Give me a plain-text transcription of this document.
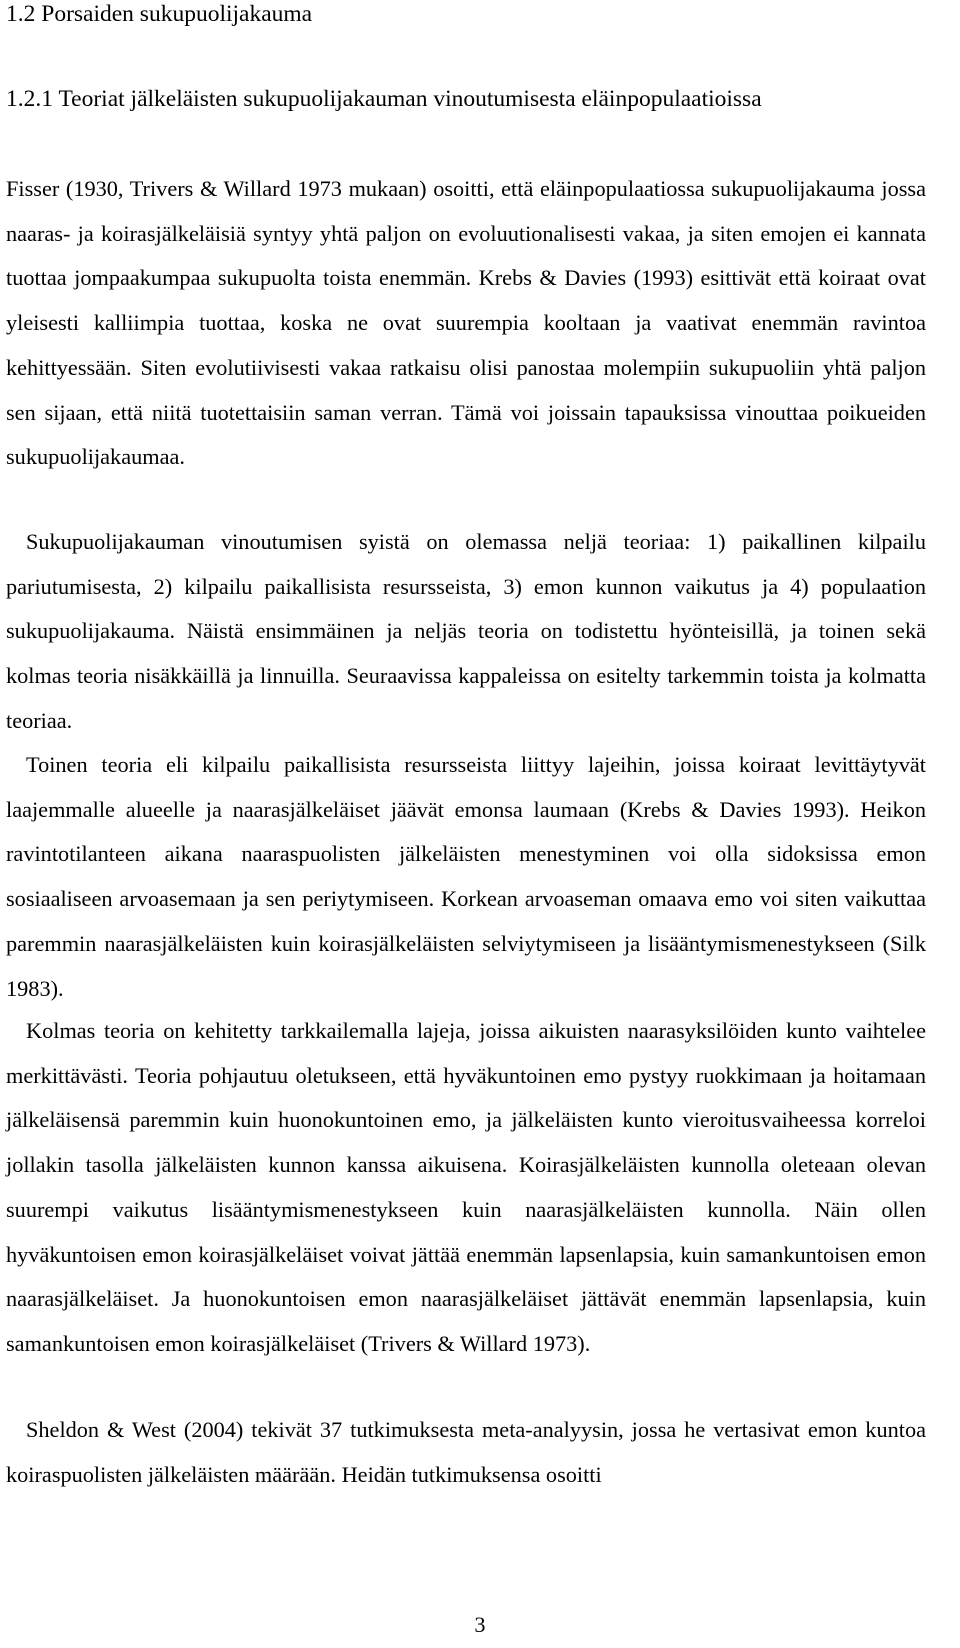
1.2 Porsaiden sukupuolijakauma
1.2.1 Teoriat jälkeläisten sukupuolijakauman vinoutumisesta eläinpopulaatioissa

Fisser (1930, Trivers & Willard 1973 mukaan) osoitti, että eläinpopulaatiossa sukupuolijakauma jossa naaras- ja koirasjälkeläisiä syntyy yhtä paljon on evoluutionalisesti vakaa, ja siten emojen ei kannata tuottaa jompaakumpaa sukupuolta toista enemmän. Krebs & Davies (1993) esittivät että koiraat ovat yleisesti kalliimpia tuottaa, koska ne ovat suurempia kooltaan ja vaativat enemmän ravintoa kehittyessään. Siten evolutiivisesti vakaa ratkaisu olisi panostaa molempiin sukupuoliin yhtä paljon sen sijaan, että niitä tuotettaisiin saman verran. Tämä voi joissain tapauksissa vinouttaa poikueiden sukupuolijakaumaa.

Sukupuolijakauman vinoutumisen syistä on olemassa neljä teoriaa: 1) paikallinen kilpailu pariutumisesta, 2) kilpailu paikallisista resursseista, 3) emon kunnon vaikutus ja 4) populaation sukupuolijakauma. Näistä ensimmäinen ja neljäs teoria on todistettu hyönteisillä, ja toinen sekä kolmas teoria nisäkkäillä ja linnuilla. Seuraavissa kappaleissa on esitelty tarkemmin toista ja kolmatta teoriaa.

Toinen teoria eli kilpailu paikallisista resursseista liittyy lajeihin, joissa koiraat levittäytyvät laajemmalle alueelle ja naarasjälkeläiset jäävät emonsa laumaan (Krebs & Davies 1993). Heikon ravintotilanteen aikana naaraspuolisten jälkeläisten menestyminen voi olla sidoksissa emon sosiaaliseen arvoasemaan ja sen periytymiseen. Korkean arvoaseman omaava emo voi siten vaikuttaa paremmin naarasjälkeläisten kuin koirasjälkeläisten selviytymiseen ja lisääntymismenestykseen (Silk 1983).

Kolmas teoria on kehitetty tarkkailemalla lajeja, joissa aikuisten naarasyksilöiden kunto vaihtelee merkittävästi. Teoria pohjautuu oletukseen, että hyväkuntoinen emo pystyy ruokkimaan ja hoitamaan jälkeläisensä paremmin kuin huonokuntoinen emo, ja jälkeläisten kunto vieroitusvaiheessa korreloi jollakin tasolla jälkeläisten kunnon kanssa aikuisena. Koirasjälkeläisten kunnolla oleteaan olevan suurempi vaikutus lisääntymismenestykseen kuin naarasjälkeläisten kunnolla. Näin ollen hyväkuntoisen emon koirasjälkeläiset voivat jättää enemmän lapsenlapsia, kuin samankuntoisen emon naarasjälkeläiset. Ja huonokuntoisen emon naarasjälkeläiset jättävät enemmän lapsenlapsia, kuin samankuntoisen emon koirasjälkeläiset (Trivers & Willard 1973).

Sheldon & West (2004) tekivät 37 tutkimuksesta meta-analyysin, jossa he vertasivat emon kuntoa koiraspuolisten jälkeläisten määrään. Heidän tutkimuksensa osoitti

3
